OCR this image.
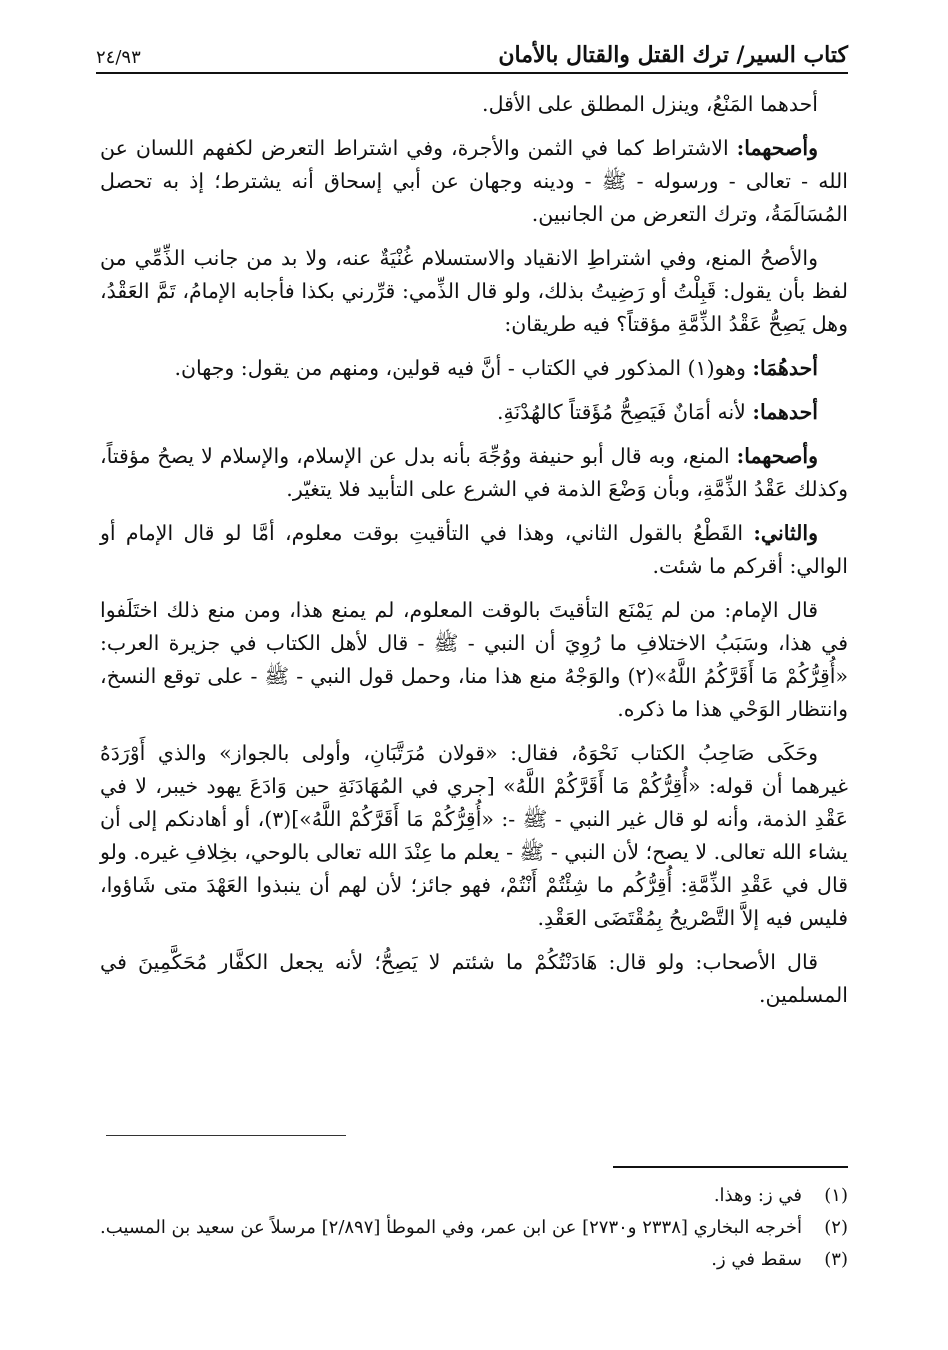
كتاب السير/ ترك القتل والقتال بالأمان
٢٤/٩٣

أحدهما المَنْعُ، وينزل المطلق على الأقل.

وأصحهما: الاشتراط كما في الثمن والأجرة، وفي اشتراط التعرض لكفهم اللسان عن الله - تعالى - ورسوله - ﷺ - ودينه وجهان عن أبي إسحاق أنه يشترط؛ إذ به تحصل المُسَالَمَةُ، وترك التعرض من الجانبين.

والأصحُ المنع، وفي اشتراطِ الانقياد والاستسلام غُنْيَةٌ عنه، ولا بد من جانب الذِّمِّي من لفظ بأن يقول: قَبِلْتُ أو رَضِيتُ بذلك، ولو قال الذِّمي: قرِّرني بكذا فأجابه الإمامُ، تَمَّ العَقْدُ، وهل يَصِحُّ عَقْدُ الذِّمَّةِ مؤقتاً؟ فيه طريقان:

أحدهُمَا: وهو(١) المذكور في الكتاب - أنَّ فيه قولين، ومنهم من يقول: وجهان.

أحدهما: لأنه أمَانٌ فَيَصِحُّ مُؤَقتاً كالهُدْنَةِ.

وأصحهما: المنع، وبه قال أبو حنيفة ووُجِّهَ بأنه بدل عن الإسلام، والإسلام لا يصحُ مؤقتاً، وكذلك عَقْدُ الذِّمَّةِ، وبأن وَضْعَ الذمة في الشرع على التأبيد فلا يتغيّر.

والثاني: القَطْعُ بالقول الثاني، وهذا في التأقيتِ بوقت معلوم، أمَّا لو قال الإمام أو الوالي: أقركم ما شئت.

قال الإمام: من لم يَمْنَع التأقيتَ بالوقت المعلوم، لم يمنع هذا، ومن منع ذلك اختَلَفوا في هذا، وسَبَبُ الاختلافِ ما رُوِيَ أن النبي - ﷺ - قال لأهل الكتاب في جزيرة العرب: «أُقِرُّكُمْ مَا أَقَرَّكُمُ اللَّهُ»(٢) والوَجْهُ منع هذا منا، وحمل قول النبي - ﷺ - على توقع النسخ، وانتظار الوَحْي هذا ما ذكره.

وحَكَى صَاحِبُ الكتاب نَحْوَهُ، فقال: «قولان مُرَتَّبَانِ، وأولى بالجواز» والذي أَوْرَدَهُ غيرهما أن قوله: «أُقِرُّكُمْ مَا أَقَرَّكُمْ اللَّهُ» [جري في المُهَادَنَةِ حين وَادَعَ يهود خيبر، لا في عَقْدِ الذمة، وأنه لو قال غير النبي - ﷺ -: «أُقِرُّكُمْ مَا أَقَرَّكُمْ اللَّهُ»](٣)، أو أهادنكم إلى أن يشاء الله تعالى. لا يصح؛ لأن النبي - ﷺ - يعلم ما عِنْدَ الله تعالى بالوحي، بخِلافِ غيره. ولو قال في عَقْدِ الذِّمَّةِ: أُقِرُّكُم ما شِئْتُمْ أَنْتُمْ، فهو جائز؛ لأن لهم أن ينبذوا العَهْدَ متى شَاؤوا، فليس فيه إلاَّ التَّصْريحُ بِمُقْتَضَى العَقْدِ.

قال الأصحاب: ولو قال: هَادَنْتُكُمْ ما شئتم لا يَصِحُّ؛ لأنه يجعل الكفَّار مُحَكَّمِينَ في المسلمين.

(١)
في ز: وهذا.
(٢)
أخرجه البخاري [٢٣٣٨ و٢٧٣٠] عن ابن عمر، وفي الموطأ [٢/٨٩٧] مرسلاً عن سعيد بن المسيب.
(٣)
سقط في ز.
